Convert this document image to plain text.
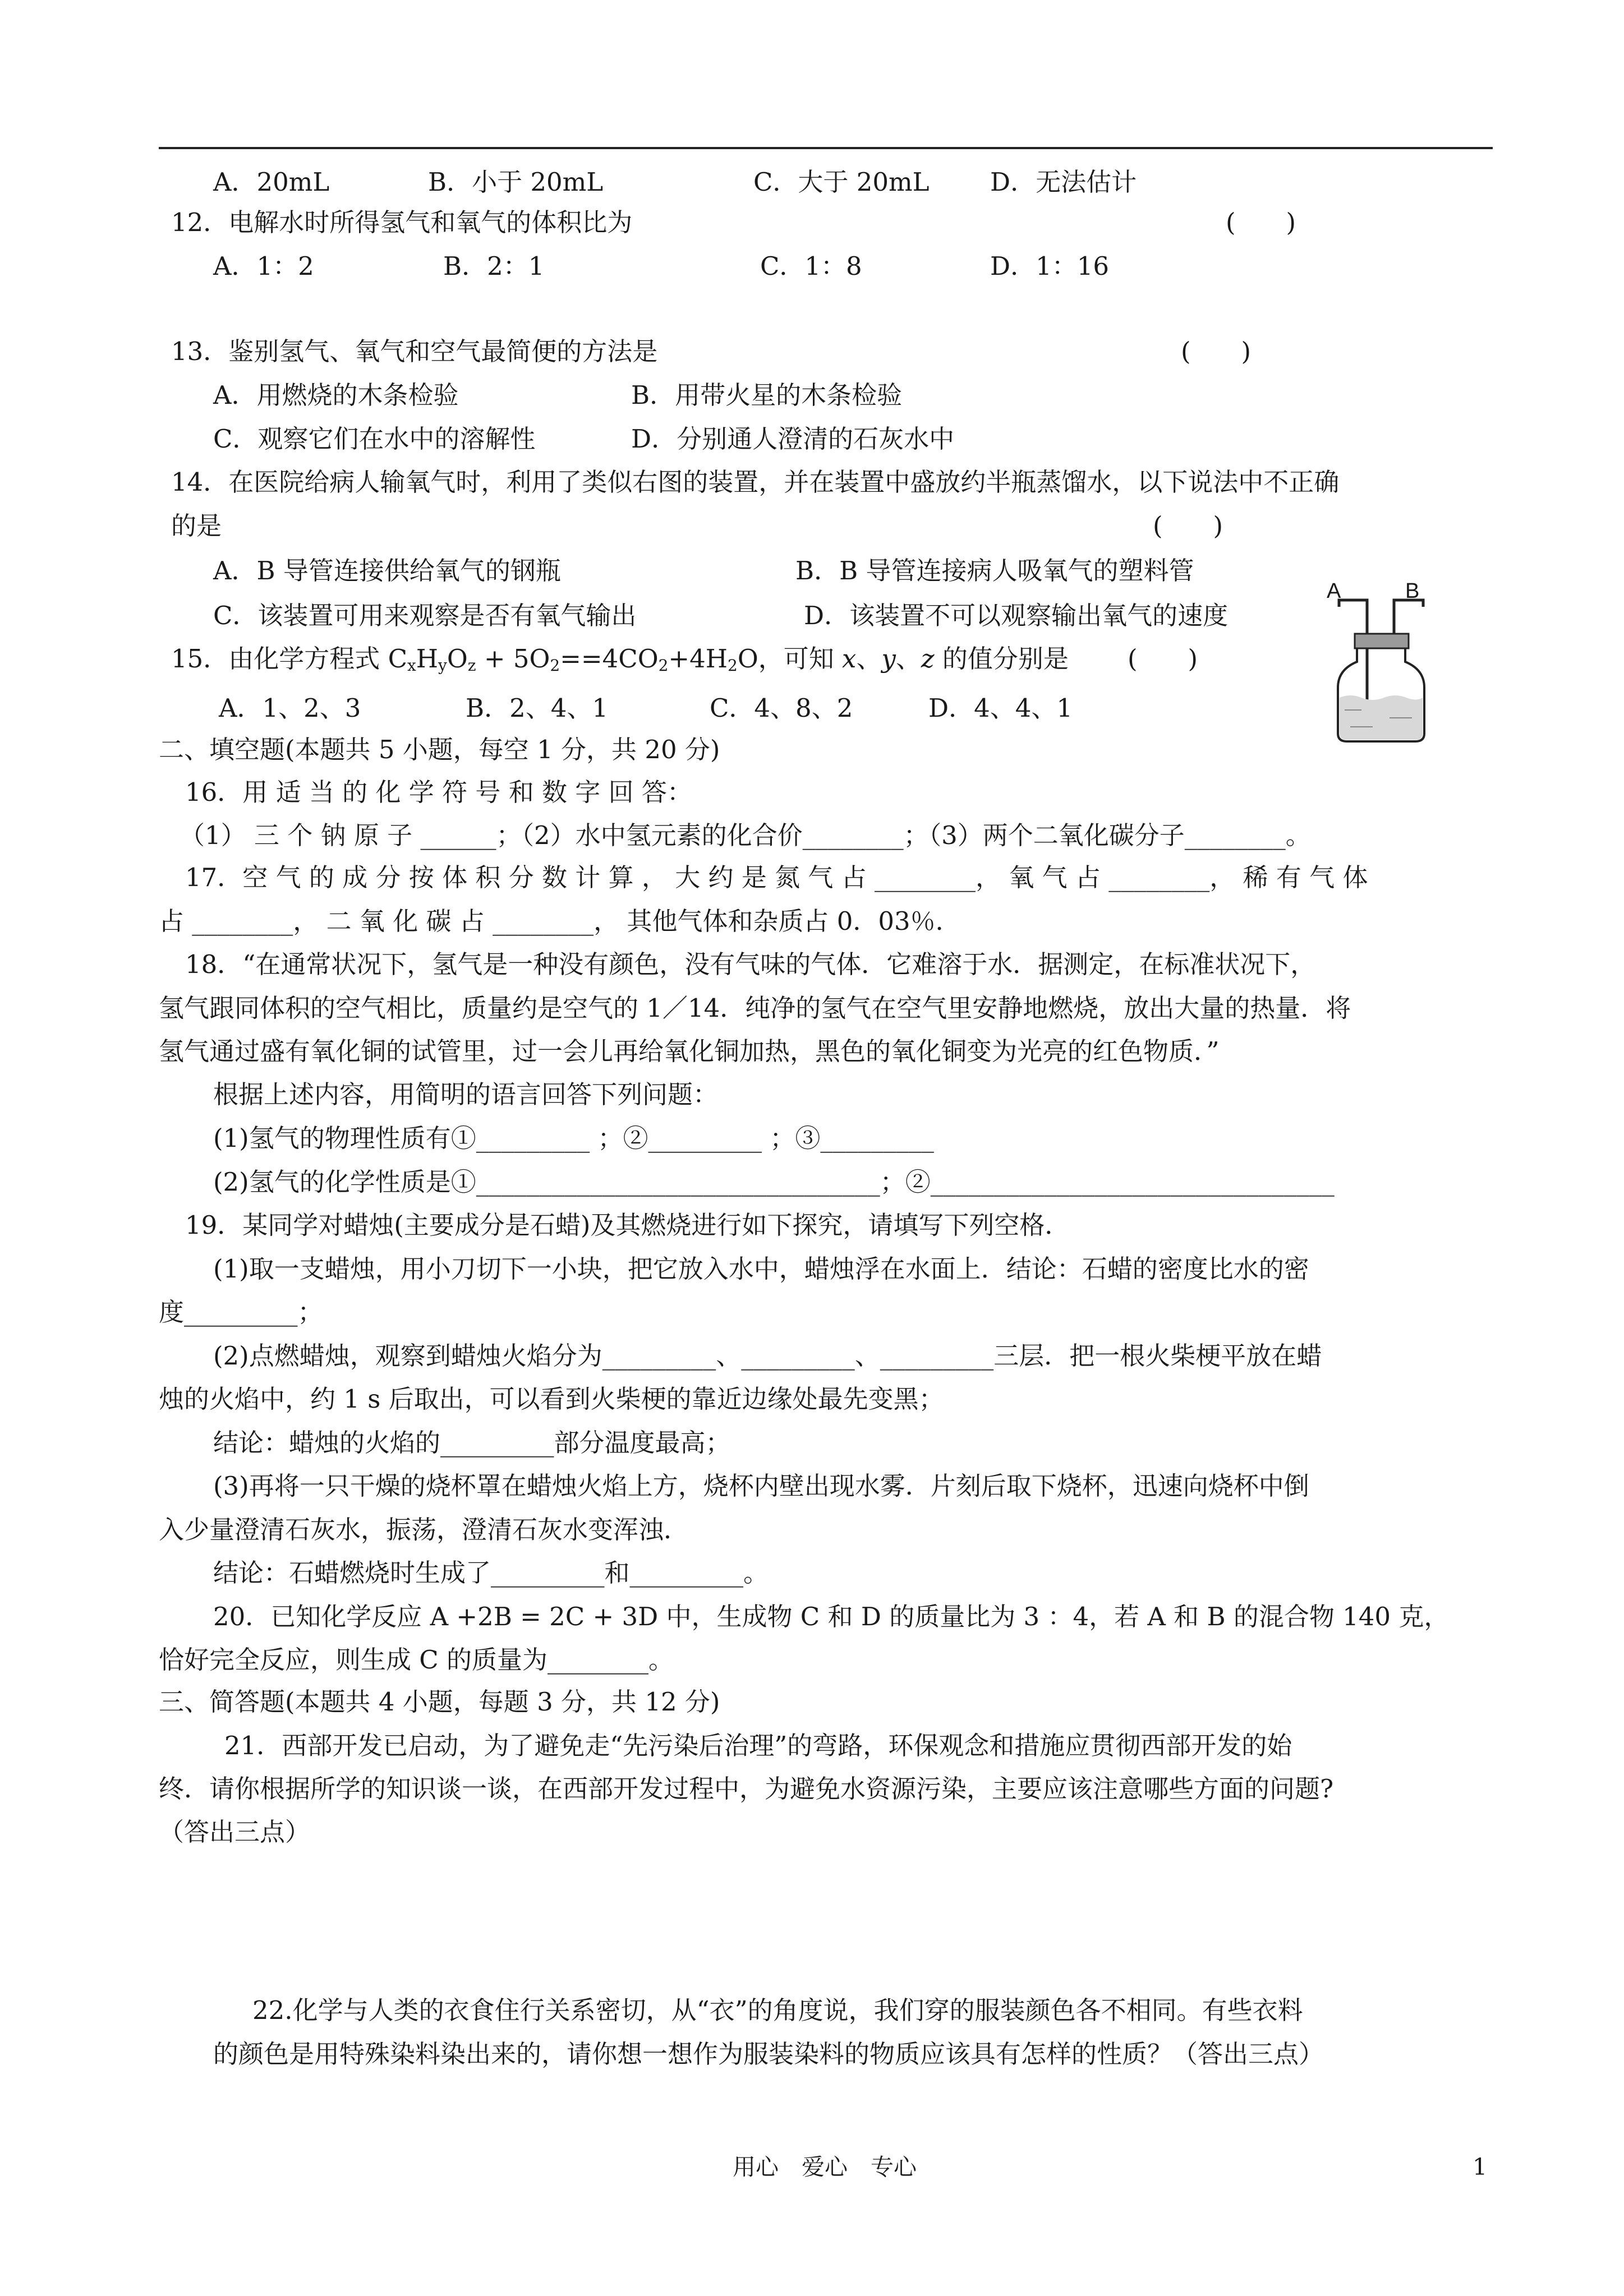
A．20mL	B．小于 20mL	C．大于 20mL D．无法估计
12．电解水时所得氢气和氧气的体积比为	(　　)
A．1：2	B．2：1	C．1：8	D．1：16
13．鉴别氢气、氧气和空气最简便的方法是	(　　)
A．用燃烧的木条检验	B．用带火星的木条检验
C．观察它们在水中的溶解性	D．分别通人澄清的石灰水中
14．在医院给病人输氧气时，利用了类似右图的装置，并在装置中盛放约半瓶蒸馏水，以下说法中不正确
的是	(　　)
A．B 导管连接供给氧气的钢瓶	B．B 导管连接病人吸氧气的塑料管
C．该装置可用来观察是否有氧气输出	D．该装置不可以观察输出氧气的速度
A	B
15．由化学方程式 $C_xH_yO_z + 5O_2==4CO_2+4H_2O$，可知 x、y、z 的值分别是 (　　)
A．1、2、3	B．2、4、1	C．4、8、2	D．4、4、1
二、填空题(本题共 5 小题，每空 1 分，共 20 分)
16．用 适 当 的 化 学 符 号 和 数 字 回 答：
（1） 三 个 钠 原 子 ______；（2）水中氢元素的化合价________；（3）两个二氧化碳分子________。
17．空 气 的 成 分 按 体 积 分 数 计 算 ， 大 约 是 氮 气 占 ________， 氧 气 占 ________， 稀 有 气 体
占 ________， 二 氧 化 碳 占 ________， 其他气体和杂质占 0．03％．
18．“在通常状况下，氢气是一种没有颜色，没有气味的气体．它难溶于水．据测定，在标准状况下，
氢气跟同体积的空气相比，质量约是空气的 1／14．纯净的氢气在空气里安静地燃烧，放出大量的热量．将
氢气通过盛有氧化铜的试管里，过一会儿再给氧化铜加热，黑色的氧化铜变为光亮的红色物质．”
根据上述内容，用简明的语言回答下列问题：
(1)氢气的物理性质有①_________ ；②_________ ；③_________
(2)氢气的化学性质是①________________________________；②________________________________
19．某同学对蜡烛(主要成分是石蜡)及其燃烧进行如下探究，请填写下列空格．
(1)取一支蜡烛，用小刀切下一小块，把它放入水中，蜡烛浮在水面上．结论：石蜡的密度比水的密
度_________；
(2)点燃蜡烛，观察到蜡烛火焰分为_________、_________、_________三层．把一根火柴梗平放在蜡
烛的火焰中，约 1 s 后取出，可以看到火柴梗的靠近边缘处最先变黑；
结论：蜡烛的火焰的_________部分温度最高；
(3)再将一只干燥的烧杯罩在蜡烛火焰上方，烧杯内壁出现水雾．片刻后取下烧杯，迅速向烧杯中倒
入少量澄清石灰水，振荡，澄清石灰水变浑浊．
结论：石蜡燃烧时生成了_________和_________。
20．已知化学反应 A +2B = 2C + 3D 中，生成物 C 和 D 的质量比为 3 ：4，若 A 和 B 的混合物 140 克，
恰好完全反应，则生成 C 的质量为________。
三、简答题(本题共 4 小题，每题 3 分，共 12 分)
21．西部开发已启动，为了避免走“先污染后治理”的弯路，环保观念和措施应贯彻西部开发的始
终．请你根据所学的知识谈一谈，在西部开发过程中，为避免水资源污染，主要应该注意哪些方面的问题?
（答出三点）
22.化学与人类的衣食住行关系密切，从“衣”的角度说，我们穿的服装颜色各不相同。有些衣料
的颜色是用特殊染料染出来的，请你想一想作为服装染料的物质应该具有怎样的性质？（答出三点）
用心　爱心　专心	1
